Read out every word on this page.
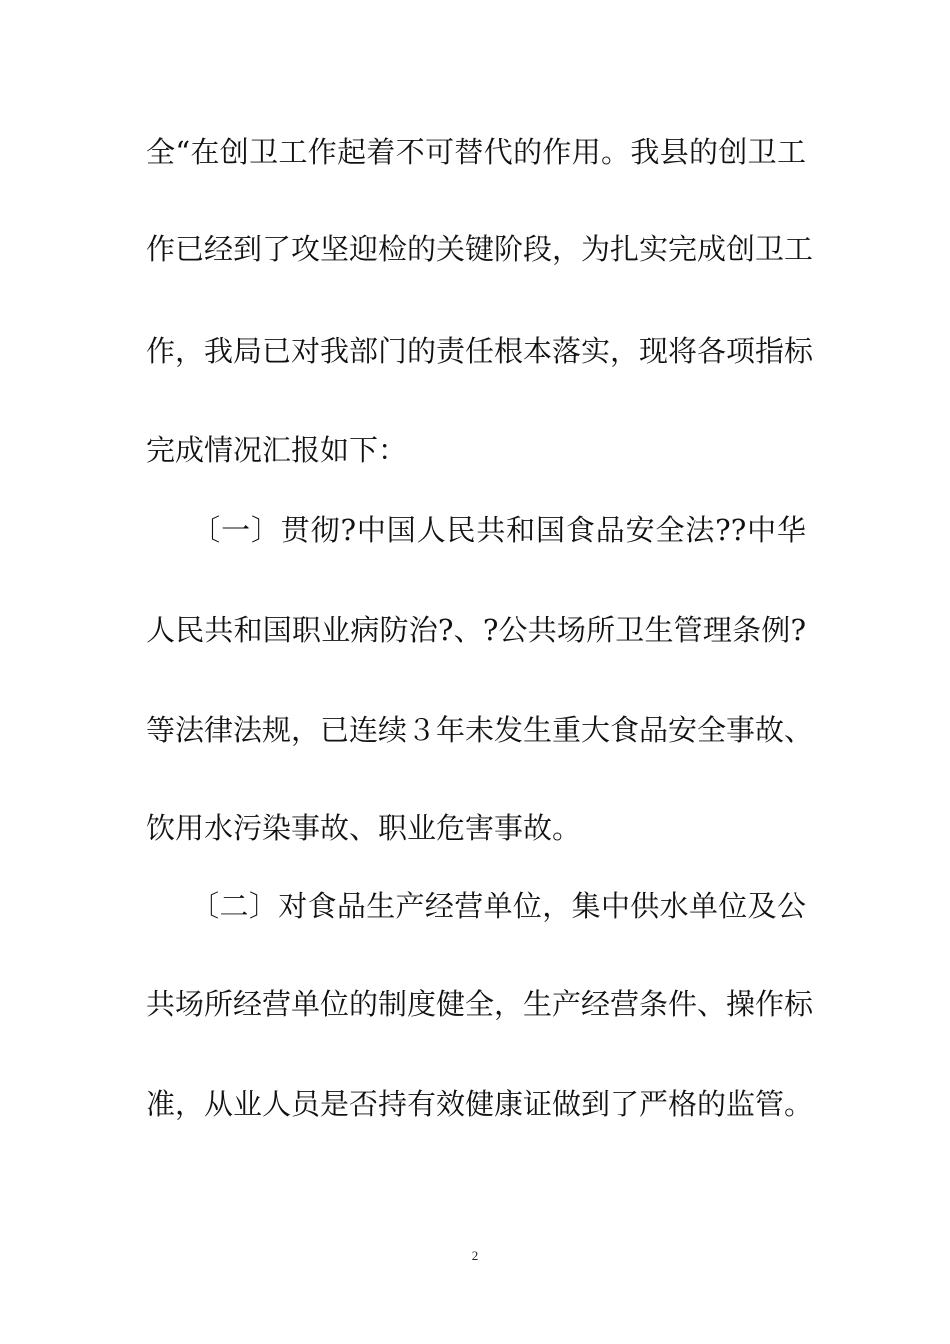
全“在创卫工作起着不可替代的作用。我县的创卫工

作已经到了攻坚迎检的关键阶段，为扎实完成创卫工

作，我局已对我部门的责任根本落实，现将各项指标

完成情况汇报如下：

　　〔一〕贯彻?中国人民共和国食品安全法??中华

人民共和国职业病防治?、?公共场所卫生管理条例?

等法律法规，已连续３年未发生重大食品安全事故、

饮用水污染事故、职业危害事故。

　　〔二〕对食品生产经营单位，集中供水单位及公

共场所经营单位的制度健全，生产经营条件、操作标

准，从业人员是否持有效健康证做到了严格的监管。

2
